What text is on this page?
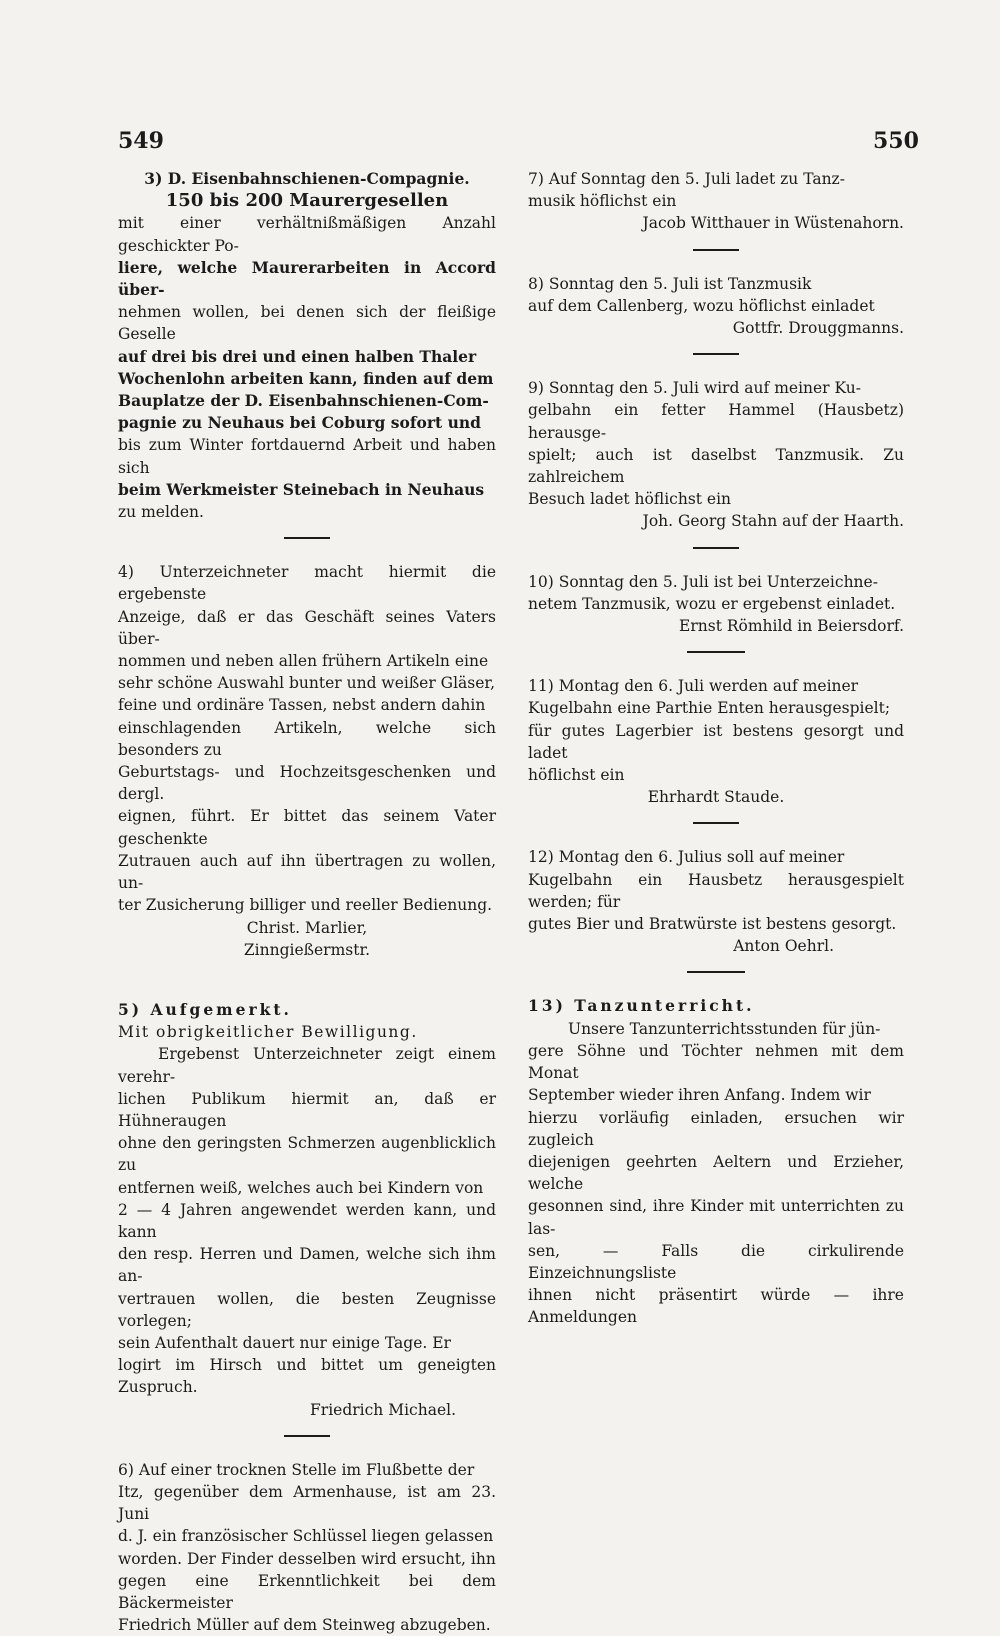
549	550

3) D. Eisenbahnschienen-Compagnie.

150 bis 200 Maurergesellen

mit einer verhältnißmäßigen Anzahl geschickter Po-

liere, welche Maurerarbeiten in Accord über-

nehmen wollen, bei denen sich der fleißige Geselle

auf drei bis drei und einen halben Thaler

Wochenlohn arbeiten kann, finden auf dem

Bauplatze der D. Eisenbahnschienen-Com-

pagnie zu Neuhaus bei Coburg sofort und

bis zum Winter fortdauernd Arbeit und haben sich

beim Werkmeister Steinebach in Neuhaus

zu melden.

4) Unterzeichneter macht hiermit die ergebenste

Anzeige, daß er das Geschäft seines Vaters über-

nommen und neben allen frühern Artikeln eine

sehr schöne Auswahl bunter und weißer Gläser,

feine und ordinäre Tassen, nebst andern dahin

einschlagenden Artikeln, welche sich besonders zu

Geburtstags- und Hochzeitsgeschenken und dergl.

eignen, führt. Er bittet das seinem Vater geschenkte

Zutrauen auch auf ihn übertragen zu wollen, un-

ter Zusicherung billiger und reeller Bedienung.

Christ. Marlier,

Zinngießermstr.

5) Aufgemerkt.

Mit obrigkeitlicher Bewilligung.

Ergebenst Unterzeichneter zeigt einem verehr-

lichen Publikum hiermit an, daß er Hühneraugen

ohne den geringsten Schmerzen augenblicklich zu

entfernen weiß, welches auch bei Kindern von

2 — 4 Jahren angewendet werden kann, und kann

den resp. Herren und Damen, welche sich ihm an-

vertrauen wollen, die besten Zeugnisse vorlegen;

sein Aufenthalt dauert nur einige Tage. Er

logirt im Hirsch und bittet um geneigten Zuspruch.

Friedrich Michael.

6) Auf einer trocknen Stelle im Flußbette der

Itz, gegenüber dem Armenhause, ist am 23. Juni

d. J. ein französischer Schlüssel liegen gelassen

worden. Der Finder desselben wird ersucht, ihn

gegen eine Erkenntlichkeit bei dem Bäckermeister

Friedrich Müller auf dem Steinweg abzugeben.

7) Auf Sonntag den 5. Juli ladet zu Tanz-

musik höflichst ein

Jacob Witthauer in Wüstenahorn.

8) Sonntag den 5. Juli ist Tanzmusik

auf dem Callenberg, wozu höflichst einladet

Gottfr. Drouggmanns.

9) Sonntag den 5. Juli wird auf meiner Ku-

gelbahn ein fetter Hammel (Hausbetz) herausge-

spielt; auch ist daselbst Tanzmusik. Zu zahlreichem

Besuch ladet höflichst ein

Joh. Georg Stahn auf der Haarth.

10) Sonntag den 5. Juli ist bei Unterzeichne-

netem Tanzmusik, wozu er ergebenst einladet.

Ernst Römhild in Beiersdorf.

11) Montag den 6. Juli werden auf meiner

Kugelbahn eine Parthie Enten herausgespielt;

für gutes Lagerbier ist bestens gesorgt und ladet

höflichst ein

Ehrhardt Staude.

12) Montag den 6. Julius soll auf meiner

Kugelbahn ein Hausbetz herausgespielt werden; für

gutes Bier und Bratwürste ist bestens gesorgt.

Anton Oehrl.

13) Tanzunterricht.

Unsere Tanzunterrichtsstunden für jün-

gere Söhne und Töchter nehmen mit dem Monat

September wieder ihren Anfang. Indem wir

hierzu vorläufig einladen, ersuchen wir zugleich

diejenigen geehrten Aeltern und Erzieher, welche

gesonnen sind, ihre Kinder mit unterrichten zu las-

sen, — Falls die cirkulirende Einzeichnungsliste

ihnen nicht präsentirt würde — ihre Anmeldungen
